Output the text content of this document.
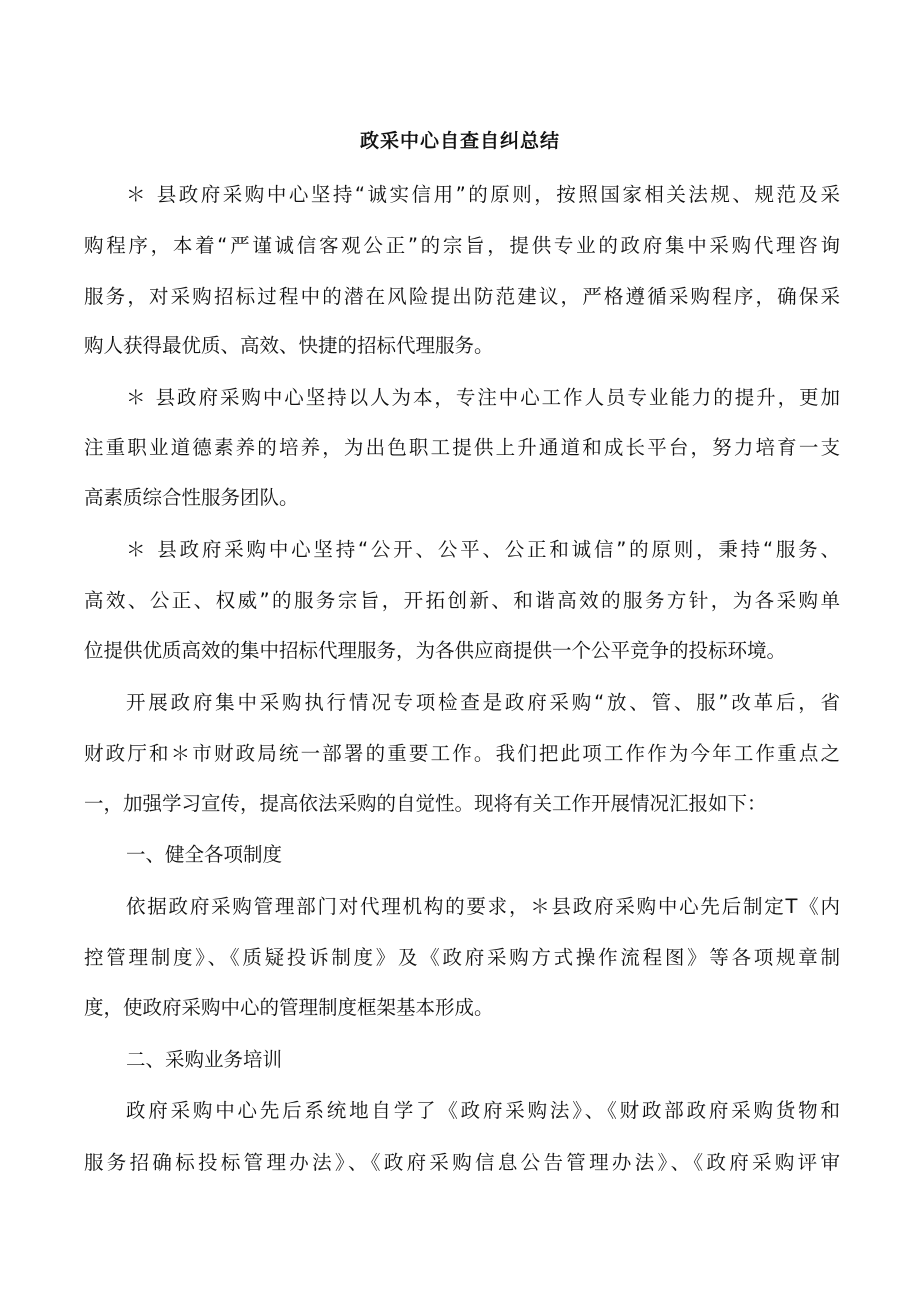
政采中心自查自纠总结
＊ 县政府采购中心坚持“诚实信用”的原则，按照国家相关法规、规范及采
购程序，本着“严谨诚信客观公正”的宗旨，提供专业的政府集中采购代理咨询
服务，对采购招标过程中的潜在风险提出防范建议，严格遵循采购程序，确保采
购人获得最优质、高效、快捷的招标代理服务。
＊ 县政府采购中心坚持以人为本，专注中心工作人员专业能力的提升，更加
注重职业道德素养的培养，为出色职工提供上升通道和成长平台，努力培育一支
高素质综合性服务团队。
＊ 县政府采购中心坚持“公开、公平、公正和诚信”的原则，秉持“服务、
高效、公正、权威”的服务宗旨，开拓创新、和谐高效的服务方针，为各采购单
位提供优质高效的集中招标代理服务，为各供应商提供一个公平竞争的投标环境。
开展政府集中采购执行情况专项检查是政府采购“放、管、服”改革后，省
财政厅和＊市财政局统一部署的重要工作。我们把此项工作作为今年工作重点之
一，加强学习宣传，提高依法采购的自觉性。现将有关工作开展情况汇报如下：
一、健全各项制度
依据政府采购管理部门对代理机构的要求，＊县政府采购中心先后制定T《内
控管理制度》、《质疑投诉制度》及《政府采购方式操作流程图》等各项规章制
度，使政府采购中心的管理制度框架基本形成。
二、采购业务培训
政府采购中心先后系统地自学了《政府采购法》、《财政部政府采购货物和
服务招确标投标管理办法》、《政府采购信息公告管理办法》、《政府采购评审
